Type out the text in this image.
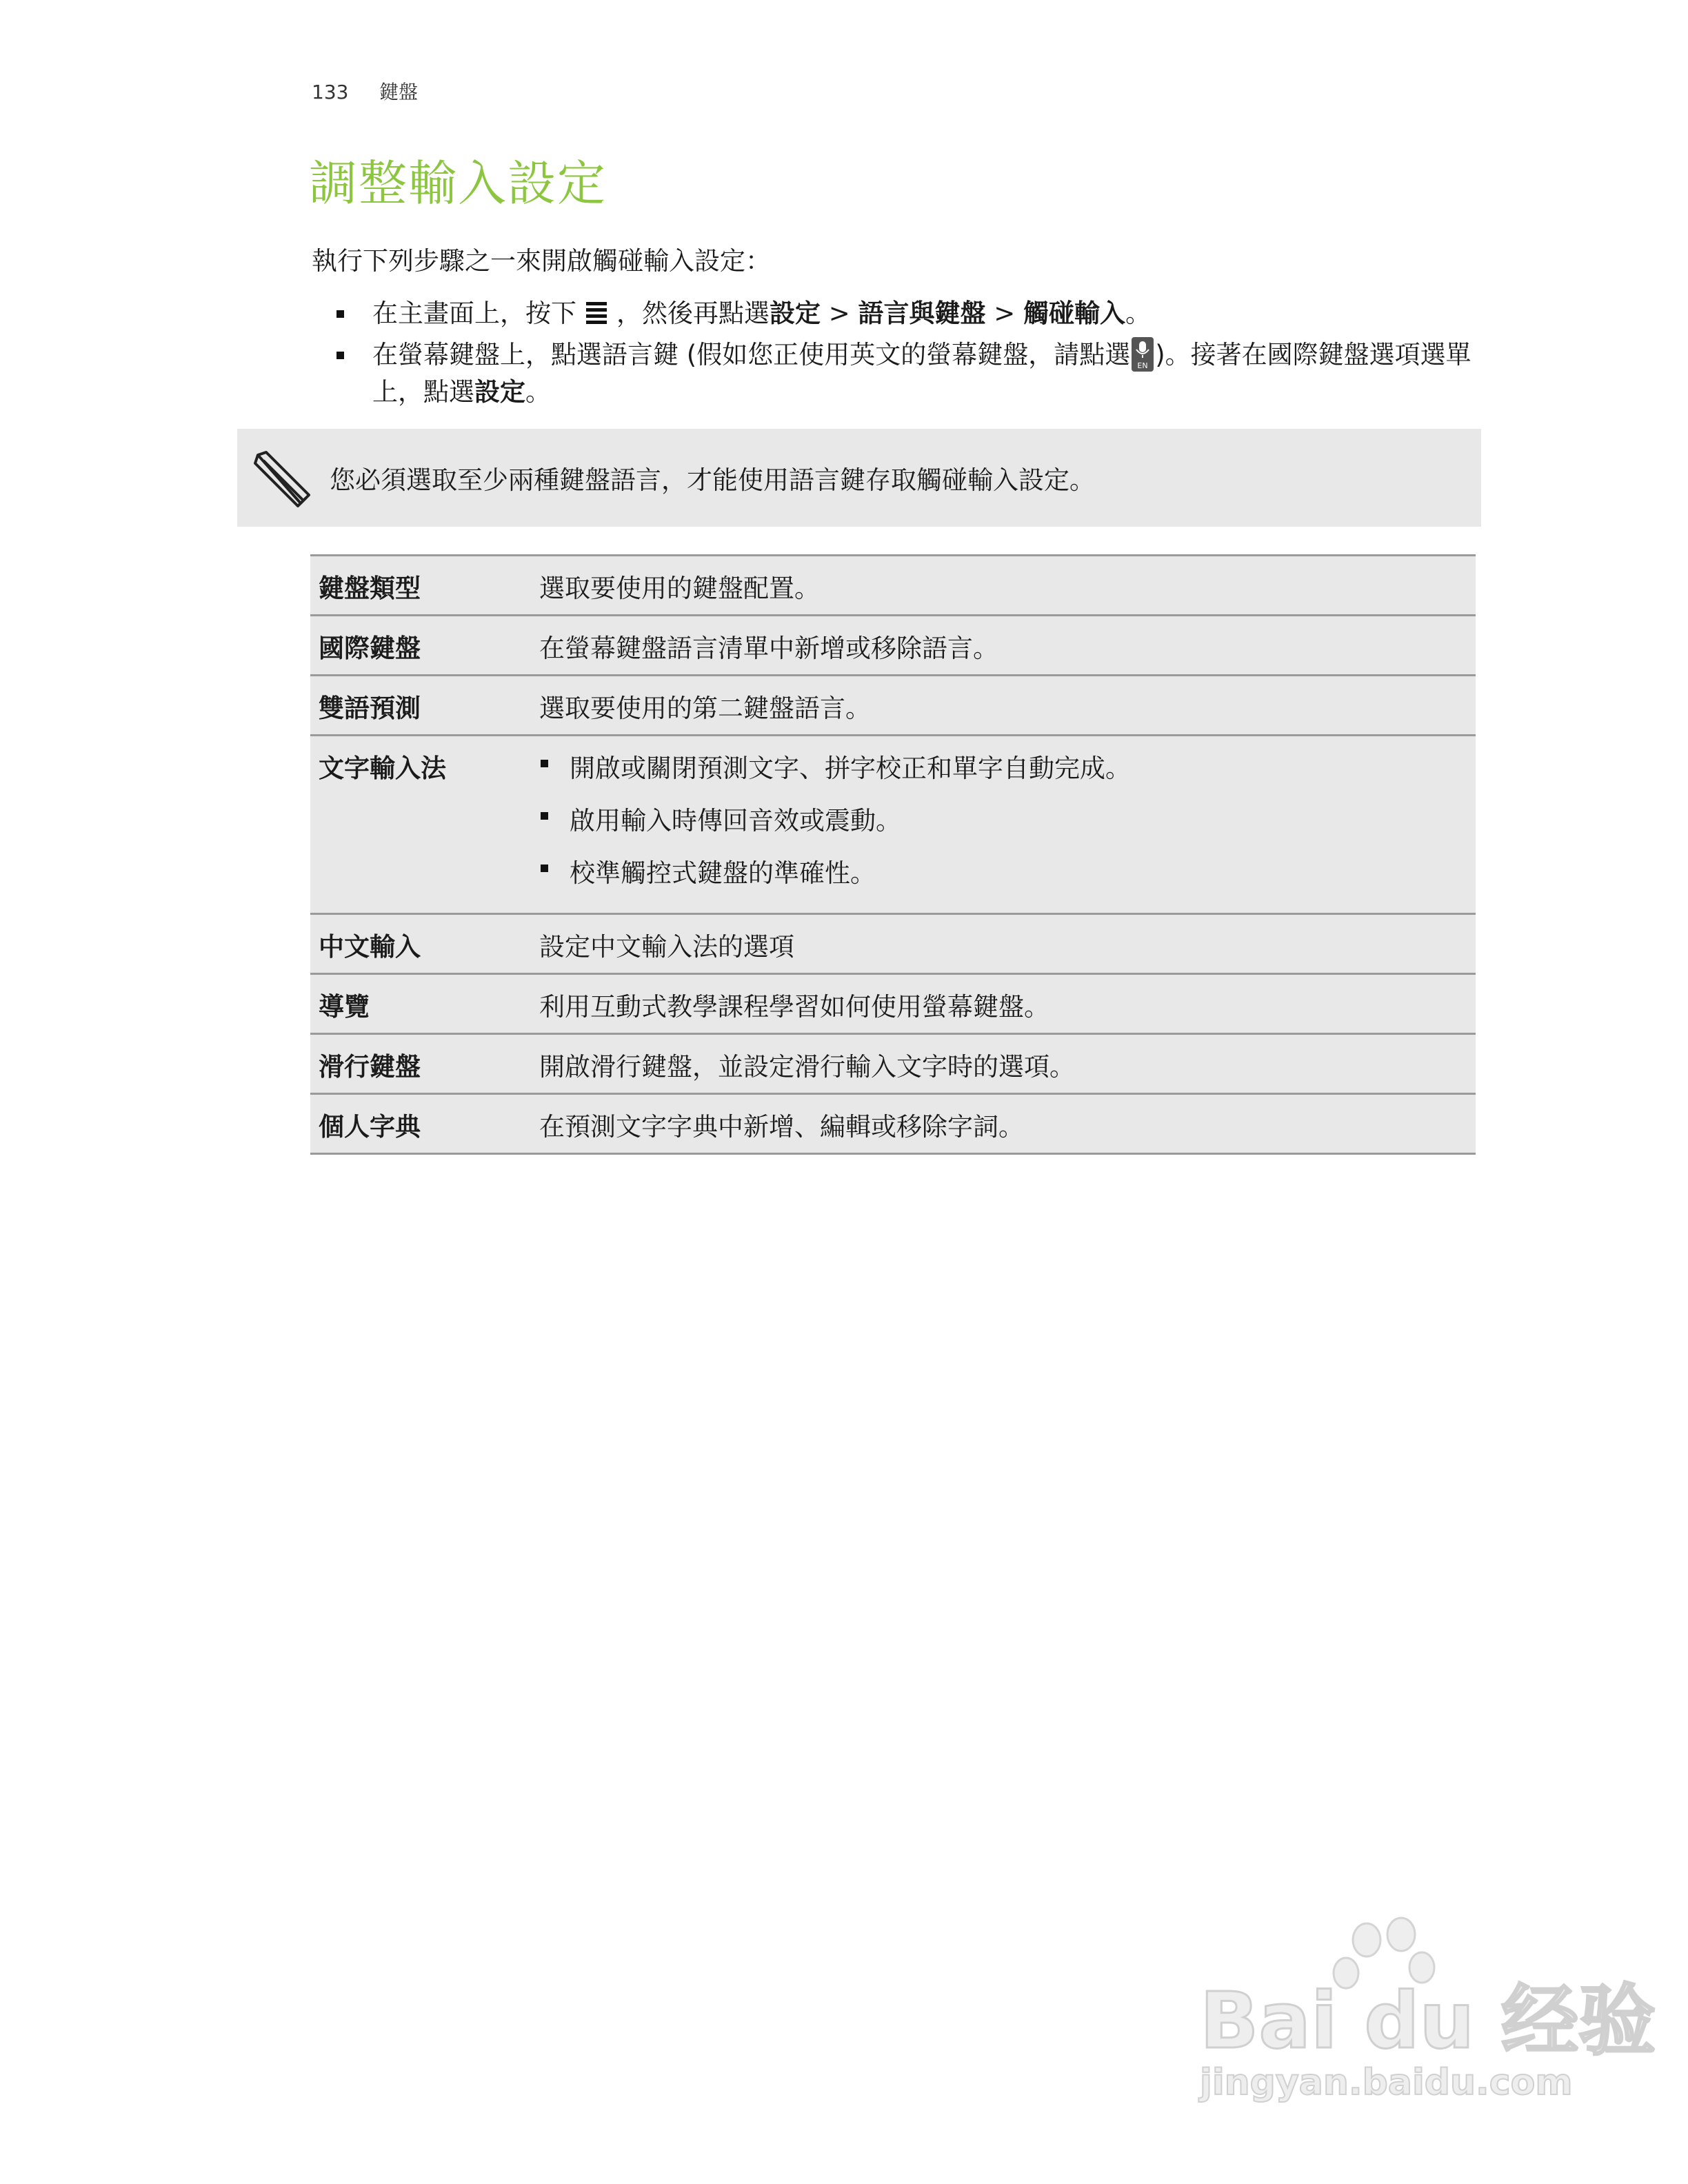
133 鍵盤
調整輸入設定
執行下列步驟之一來開啟觸碰輸入設定：
在主畫面上，按下 ，然後再點選設定 > 語言與鍵盤 > 觸碰輸入。
在螢幕鍵盤上，點選語言鍵 (假如您正使用英文的螢幕鍵盤，請點選 EN )。接著在國際鍵盤選項選單上，點選設定。
您必須選取至少兩種鍵盤語言，才能使用語言鍵存取觸碰輸入設定。
鍵盤類型	選取要使用的鍵盤配置。
國際鍵盤	在螢幕鍵盤語言清單中新增或移除語言。
雙語預測	選取要使用的第二鍵盤語言。
文字輸入法	開啟或關閉預測文字、拼字校正和單字自動完成。
啟用輸入時傳回音效或震動。
校準觸控式鍵盤的準確性。
中文輸入	設定中文輸入法的選項
導覽	利用互動式教學課程學習如何使用螢幕鍵盤。
滑行鍵盤	開啟滑行鍵盤，並設定滑行輸入文字時的選項。
個人字典	在預測文字字典中新增、編輯或移除字詞。
Bai du 经验
jingyan.baidu.com
